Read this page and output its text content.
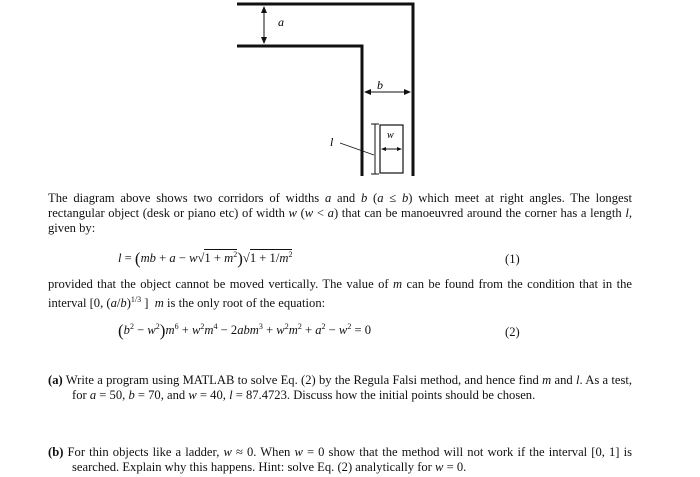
a
b
l	w
The diagram above shows two corridors of widths a and b (a ≤ b) which meet at right angles. The longest rectangular object (desk or piano etc) of width w (w < a) that can be manoeuvred around the corner has a length l, given by:
$l = (mb + a - w√1 + m^2)√1 + 1/m^2$	(1)
provided that the object cannot be moved vertically. The value of m can be found from the condition that in the interval [0, $(a/b)^{1/3}$ ]  m is the only root of the equation:
$(b^2 - w^2)m^6 + w^2m^4 - 2abm^3 + w^2m^2 + a^2 - w^2 = 0$	(2)
(a) Write a program using MATLAB to solve Eq. (2) by the Regula Falsi method, and hence find m and l. As a test, for a = 50, b = 70, and w = 40, l = 87.4723. Discuss how the initial points should be chosen.
(b) For thin objects like a ladder, w ≈ 0. When w = 0 show that the method will not work if the interval [0, 1] is searched. Explain why this happens. Hint: solve Eq. (2) analytically for w = 0.
